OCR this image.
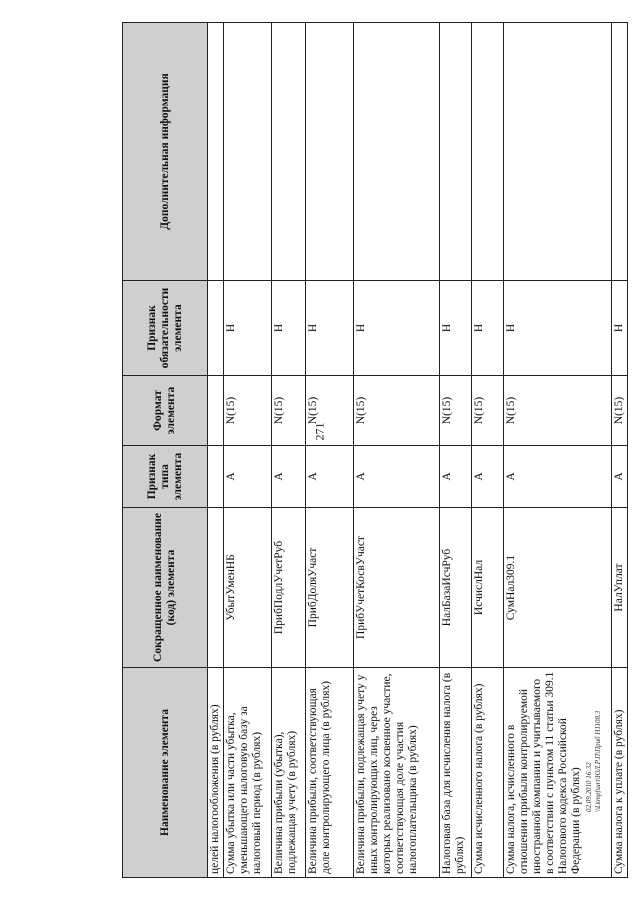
271
02.09.2010 16:32 \\Lkmpfsurt\ЮЛ.Р.П\Приб Н1108.3
Наименование элемента	Сокращенное наименование (код) элемента	Признак типа элемента	Формат элемента	Признак обязательности элемента	Дополнительная информация
целей налогообложения (в рублях)					
Сумма убытка или части убытка, уменьшающего налоговую базу за налоговый период (в рублях)	УбытУменНБ	А	N(15)	Н	
Величина прибыли (убытка), подлежащая учету (в рублях)	ПрибПодлУчетРуб	А	N(15)	Н	
Величина прибыли, соответствующая доле контролирующего лица (в рублях)	ПрибДоляУчаст	А	N(15)	Н	
Величина прибыли, подлежащая учету у иных контролирующих лиц, через которых реализовано косвенное участие, соответствующая доле участия налогоплательщика (в рублях)	ПрибУчетКосвУчаст	А	N(15)	Н	
Налоговая база для исчисления налога (в рублях)	НалБазаИсчРуб	А	N(15)	Н	
Сумма исчисленного налога (в рублях)	ИсчислНал	А	N(15)	Н	
Сумма налога, исчисленного в отношении прибыли контролируемой иностранной компании и учитываемого в соответствии с пунктом 11 статьи 309.1 Налогового кодекса Российской Федерации (в рублях)	СумНал309.1	А	N(15)	Н	
Сумма налога к уплате (в рублях)	НалУплат	А	N(15)	Н	
